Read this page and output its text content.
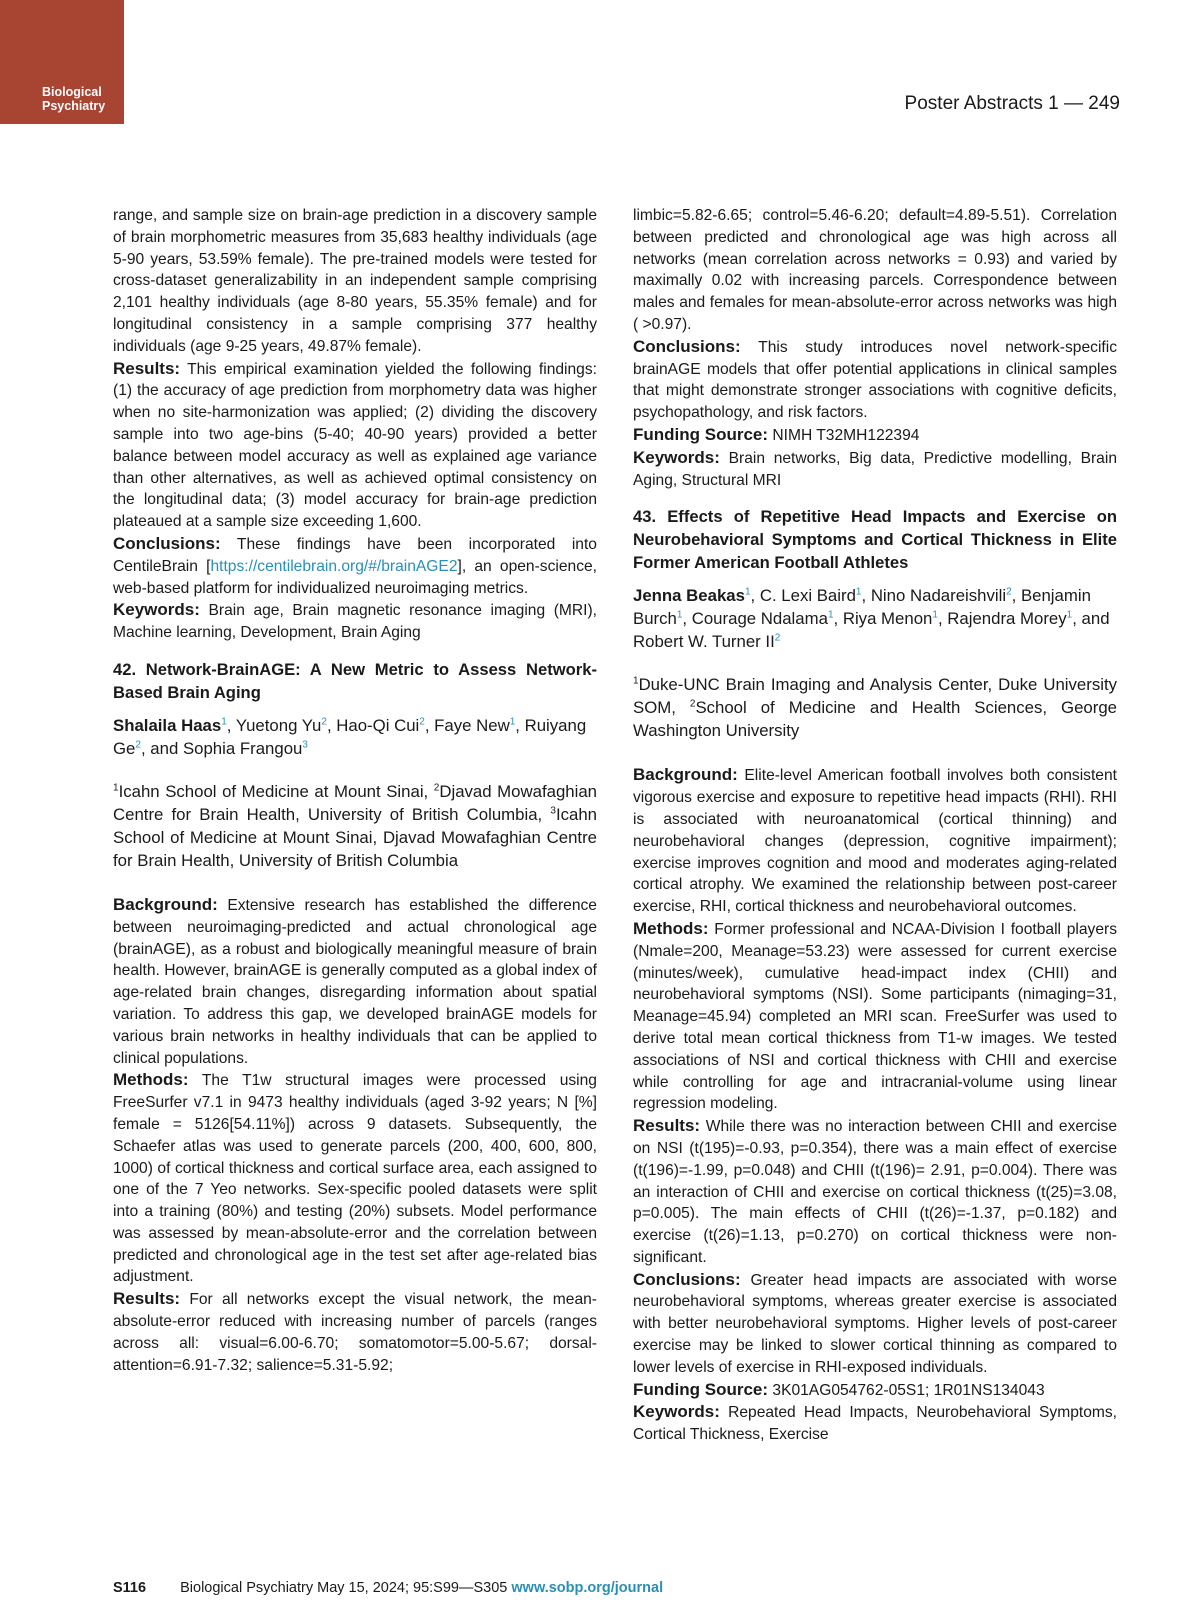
Biological
Psychiatry	Poster Abstracts 1 — 249

range, and sample size on brain-age prediction in a discovery sample of brain morphometric measures from 35,683 healthy individuals (age 5-90 years, 53.59% female). The pre-trained models were tested for cross-dataset generalizability in an independent sample comprising 2,101 healthy individuals (age 8-80 years, 55.35% female) and for longitudinal consistency in a sample comprising 377 healthy individuals (age 9-25 years, 49.87% female).

Results: This empirical examination yielded the following findings: (1) the accuracy of age prediction from morphometry data was higher when no site-harmonization was applied; (2) dividing the discovery sample into two age-bins (5-40; 40-90 years) provided a better balance between model accuracy as well as explained age variance than other alternatives, as well as achieved optimal consistency on the longitudinal data; (3) model accuracy for brain-age prediction plateaued at a sample size exceeding 1,600.

Conclusions: These findings have been incorporated into CentileBrain [https://centilebrain.org/#/brainAGE2], an open-science, web-based platform for individualized neuroimaging metrics.

Keywords: Brain age, Brain magnetic resonance imaging (MRI), Machine learning, Development, Brain Aging

42. Network-BrainAGE: A New Metric to Assess Network-Based Brain Aging

Shalaila Haas$^1$, Yuetong Yu$^2$, Hao-Qi Cui$^2$, Faye New$^1$, Ruiyang Ge$^2$, and Sophia Frangou$^3$

$^1$Icahn School of Medicine at Mount Sinai, $^2$Djavad Mowafaghian Centre for Brain Health, University of British Columbia, $^3$Icahn School of Medicine at Mount Sinai, Djavad Mowafaghian Centre for Brain Health, University of British Columbia

Background: Extensive research has established the difference between neuroimaging-predicted and actual chronological age (brainAGE), as a robust and biologically meaningful measure of brain health. However, brainAGE is generally computed as a global index of age-related brain changes, disregarding information about spatial variation. To address this gap, we developed brainAGE models for various brain networks in healthy individuals that can be applied to clinical populations.

Methods: The T1w structural images were processed using FreeSurfer v7.1 in 9473 healthy individuals (aged 3-92 years; N [%] female = 5126[54.11%]) across 9 datasets. Subsequently, the Schaefer atlas was used to generate parcels (200, 400, 600, 800, 1000) of cortical thickness and cortical surface area, each assigned to one of the 7 Yeo networks. Sex-specific pooled datasets were split into a training (80%) and testing (20%) subsets. Model performance was assessed by mean-absolute-error and the correlation between predicted and chronological age in the test set after age-related bias adjustment.

Results: For all networks except the visual network, the mean-absolute-error reduced with increasing number of parcels (ranges across all: visual=6.00-6.70; somatomotor=5.00-5.67; dorsal-attention=6.91-7.32; salience=5.31-5.92;

limbic=5.82-6.65; control=5.46-6.20; default=4.89-5.51). Correlation between predicted and chronological age was high across all networks (mean correlation across networks = 0.93) and varied by maximally 0.02 with increasing parcels. Correspondence between males and females for mean-absolute-error across networks was high ( >0.97).

Conclusions: This study introduces novel network-specific brainAGE models that offer potential applications in clinical samples that might demonstrate stronger associations with cognitive deficits, psychopathology, and risk factors.

Funding Source: NIMH T32MH122394

Keywords: Brain networks, Big data, Predictive modelling, Brain Aging, Structural MRI

43. Effects of Repetitive Head Impacts and Exercise on Neurobehavioral Symptoms and Cortical Thickness in Elite Former American Football Athletes

Jenna Beakas$^1$, C. Lexi Baird$^1$, Nino Nadareishvili$^2$, Benjamin Burch$^1$, Courage Ndalama$^1$, Riya Menon$^1$, Rajendra Morey$^1$, and Robert W. Turner $II^2$

$^1$Duke-UNC Brain Imaging and Analysis Center, Duke University SOM, $^2$School of Medicine and Health Sciences, George Washington University

Background: Elite-level American football involves both consistent vigorous exercise and exposure to repetitive head impacts (RHI). RHI is associated with neuroanatomical (cortical thinning) and neurobehavioral changes (depression, cognitive impairment); exercise improves cognition and mood and moderates aging-related cortical atrophy. We examined the relationship between post-career exercise, RHI, cortical thickness and neurobehavioral outcomes.

Methods: Former professional and NCAA-Division I football players (Nmale=200, Meanage=53.23) were assessed for current exercise (minutes/week), cumulative head-impact index (CHII) and neurobehavioral symptoms (NSI). Some participants (nimaging=31, Meanage=45.94) completed an MRI scan. FreeSurfer was used to derive total mean cortical thickness from T1-w images. We tested associations of NSI and cortical thickness with CHII and exercise while controlling for age and intracranial-volume using linear regression modeling.

Results: While there was no interaction between CHII and exercise on NSI (t(195)=-0.93, p=0.354), there was a main effect of exercise (t(196)=-1.99, p=0.048) and CHII (t(196)= 2.91, p=0.004). There was an interaction of CHII and exercise on cortical thickness (t(25)=3.08, p=0.005). The main effects of CHII (t(26)=-1.37, p=0.182) and exercise (t(26)=1.13, p=0.270) on cortical thickness were non-significant.

Conclusions: Greater head impacts are associated with worse neurobehavioral symptoms, whereas greater exercise is associated with better neurobehavioral symptoms. Higher levels of post-career exercise may be linked to slower cortical thinning as compared to lower levels of exercise in RHI-exposed individuals.

Funding Source: 3K01AG054762-05S1; 1R01NS134043

Keywords: Repeated Head Impacts, Neurobehavioral Symptoms, Cortical Thickness, Exercise

S116 Biological Psychiatry May 15, 2024; 95:S99—S305 www.sobp.org/journal
